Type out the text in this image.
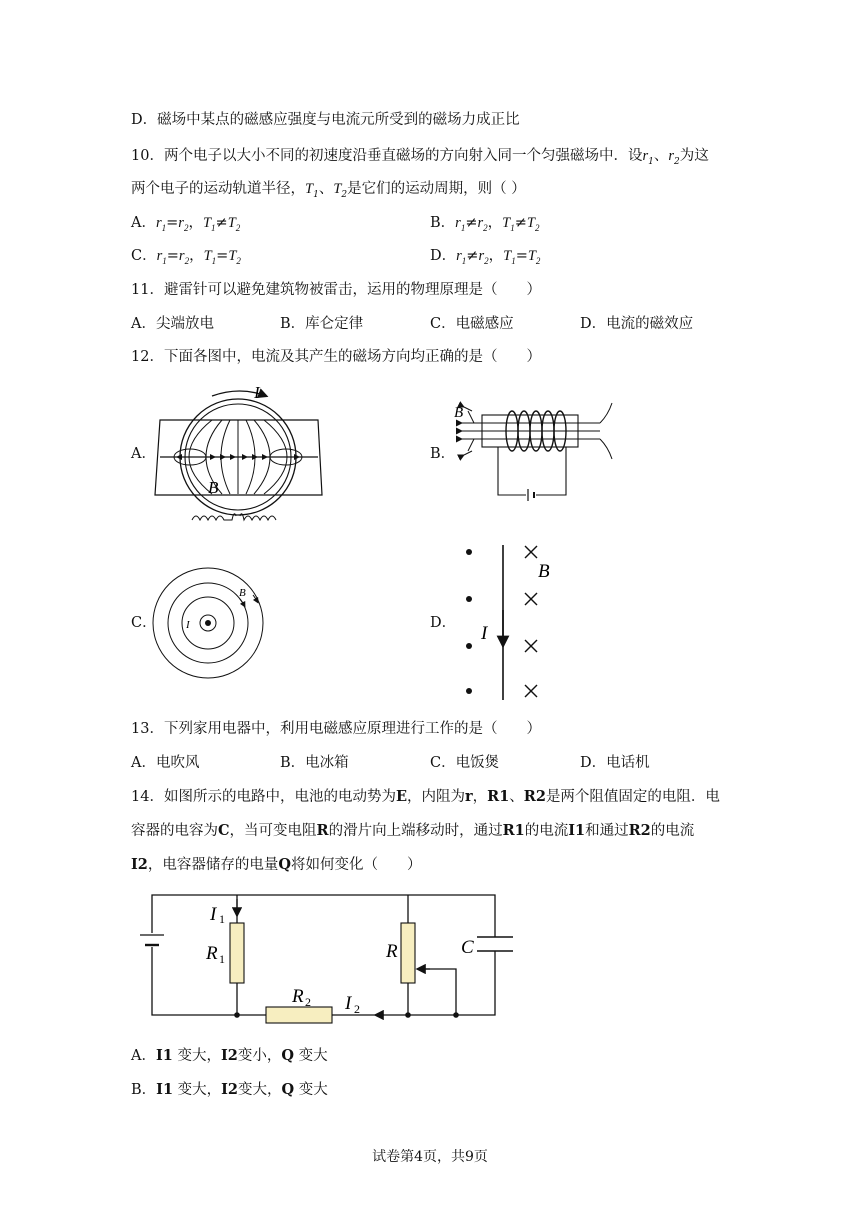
D．磁场中某点的磁感应强度与电流元所受到的磁场力成正比
10．两个电子以大小不同的初速度沿垂直磁场的方向射入同一个匀强磁场中．设$r_1$、$r_2$为这
两个电子的运动轨道半径，$T_1$、$T_2$是它们的运动周期，则（ ）
A．$r_1=r_2$，$T_1\ne T_2$	B．$r_1\ne r_2$，$T_1\ne T_2$
C．$r_1=r_2$，$T_1=T_2$	D．$r_1\ne r_2$，$T_1=T_2$
11．避雷针可以避免建筑物被雷击，运用的物理原理是（　　）
A．尖端放电	B．库仑定律	C．电磁感应	D．电流的磁效应
12．下面各图中，电流及其产生的磁场方向均正确的是（　　）
A．	B．
C．	D．
I
B
B
I
B
B
I
13．下列家用电器中，利用电磁感应原理进行工作的是（　　）
A．电吹风	B．电冰箱	C．电饭煲	D．电话机
14．如图所示的电路中，电池的电动势为E，内阻为r，R1、R2是两个阻值固定的电阻．电
容器的电容为C，当可变电阻R的滑片向上端移动时，通过R1的电流I1和通过R2的电流
I2，电容器储存的电量Q将如何变化（　　）
I 1
R 1	R	C
R 2 I 2
A．I1 变大，I2变小，Q 变大
B．I1 变大，I2变大，Q 变大
试卷第4页，共9页
